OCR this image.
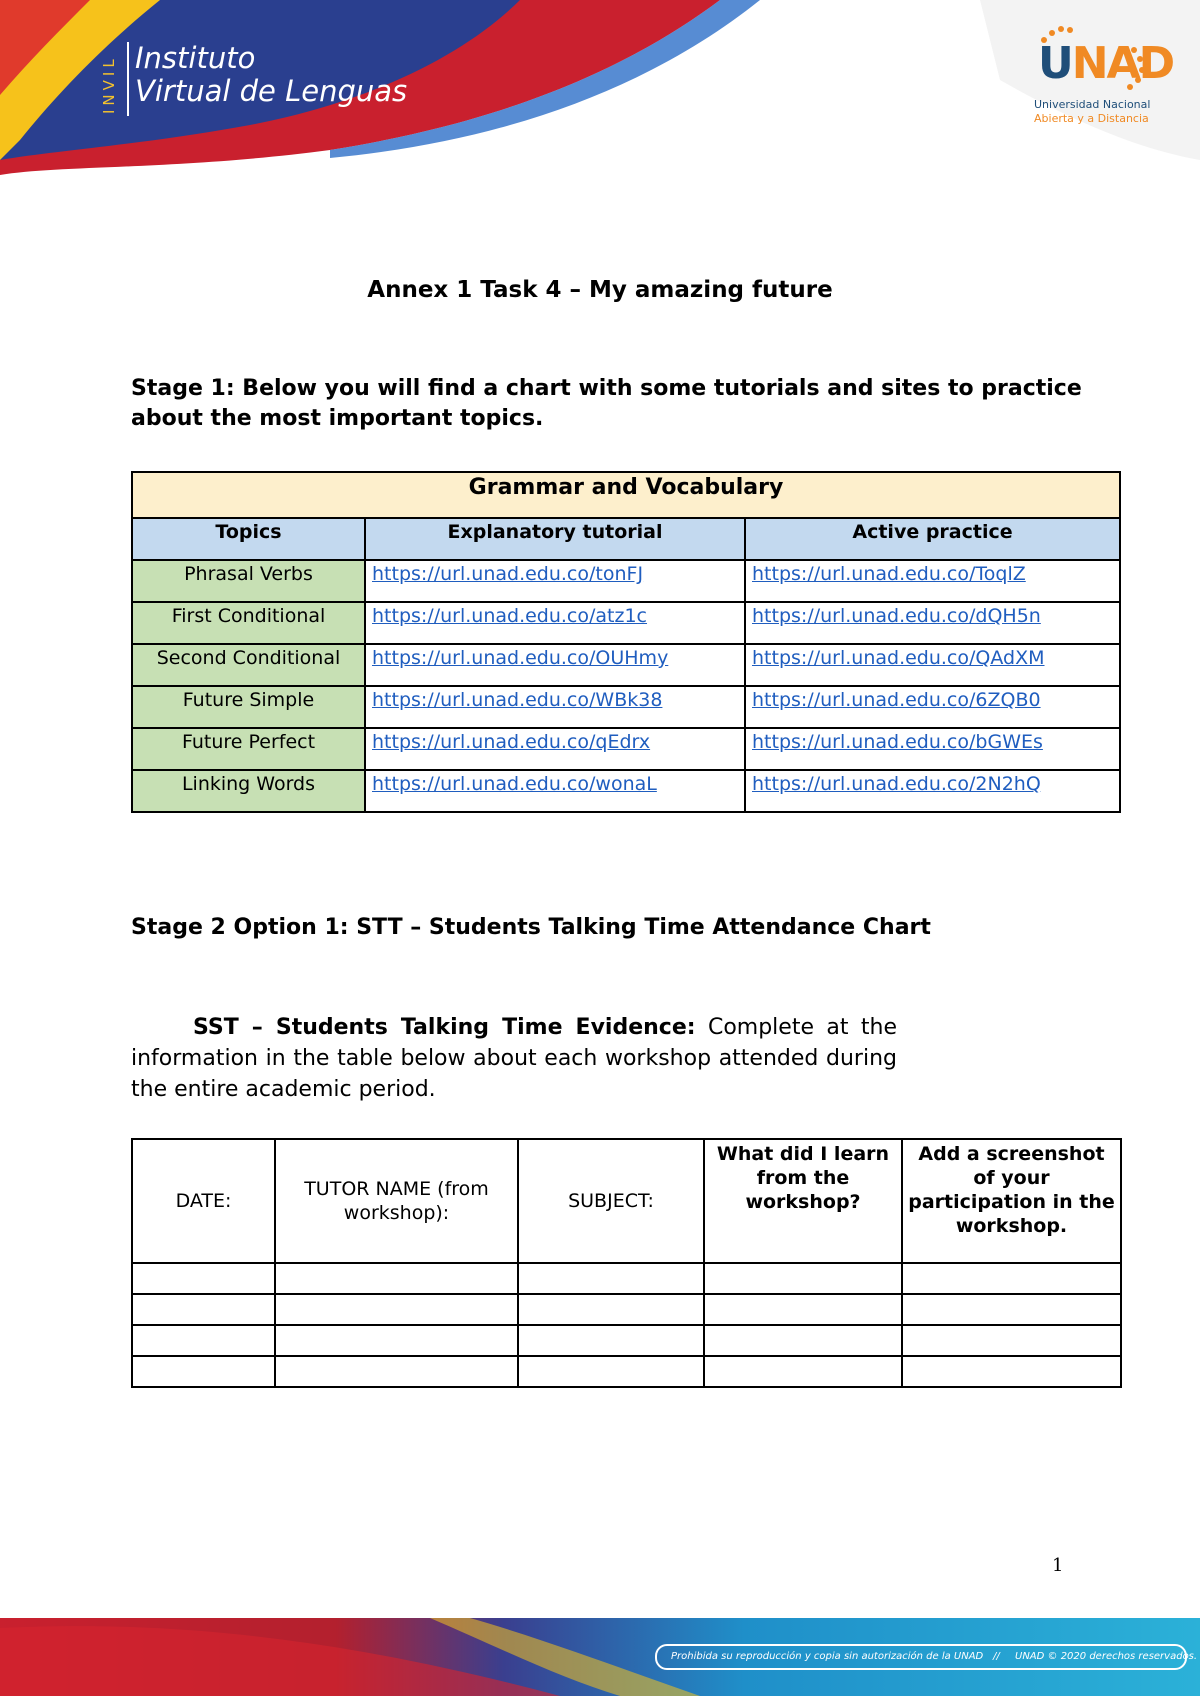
INVIL Instituto
Virtual de Lenguas
UNAD
Universidad Nacional
Abierta y a Distancia
Annex 1 Task 4 – My amazing future
Stage 1: Below you will find a chart with some tutorials and sites to practice about the most important topics.
Grammar and Vocabulary		
Topics	Explanatory tutorial	Active practice
Phrasal Verbs	https://url.unad.edu.co/tonFJ	https://url.unad.edu.co/ToqlZ
First Conditional	https://url.unad.edu.co/atz1c	https://url.unad.edu.co/dQH5n
Second Conditional	https://url.unad.edu.co/OUHmy	https://url.unad.edu.co/QAdXM
Future Simple	https://url.unad.edu.co/WBk38	https://url.unad.edu.co/6ZQB0
Future Perfect	https://url.unad.edu.co/qEdrx	https://url.unad.edu.co/bGWEs
Linking Words	https://url.unad.edu.co/wonaL	https://url.unad.edu.co/2N2hQ
Stage 2 Option 1: STT – Students Talking Time Attendance Chart
SST – Students Talking Time Evidence: Complete at the information in the table below about each workshop attended during the entire academic period.
DATE:	TUTOR NAME (from workshop):	SUBJECT:	What did I learn from the workshop?	Add a screenshot of your participation in the workshop.

1
Prohibida su reproducción y copia sin autorización de la UNAD // UNAD © 2020 derechos reservados.
